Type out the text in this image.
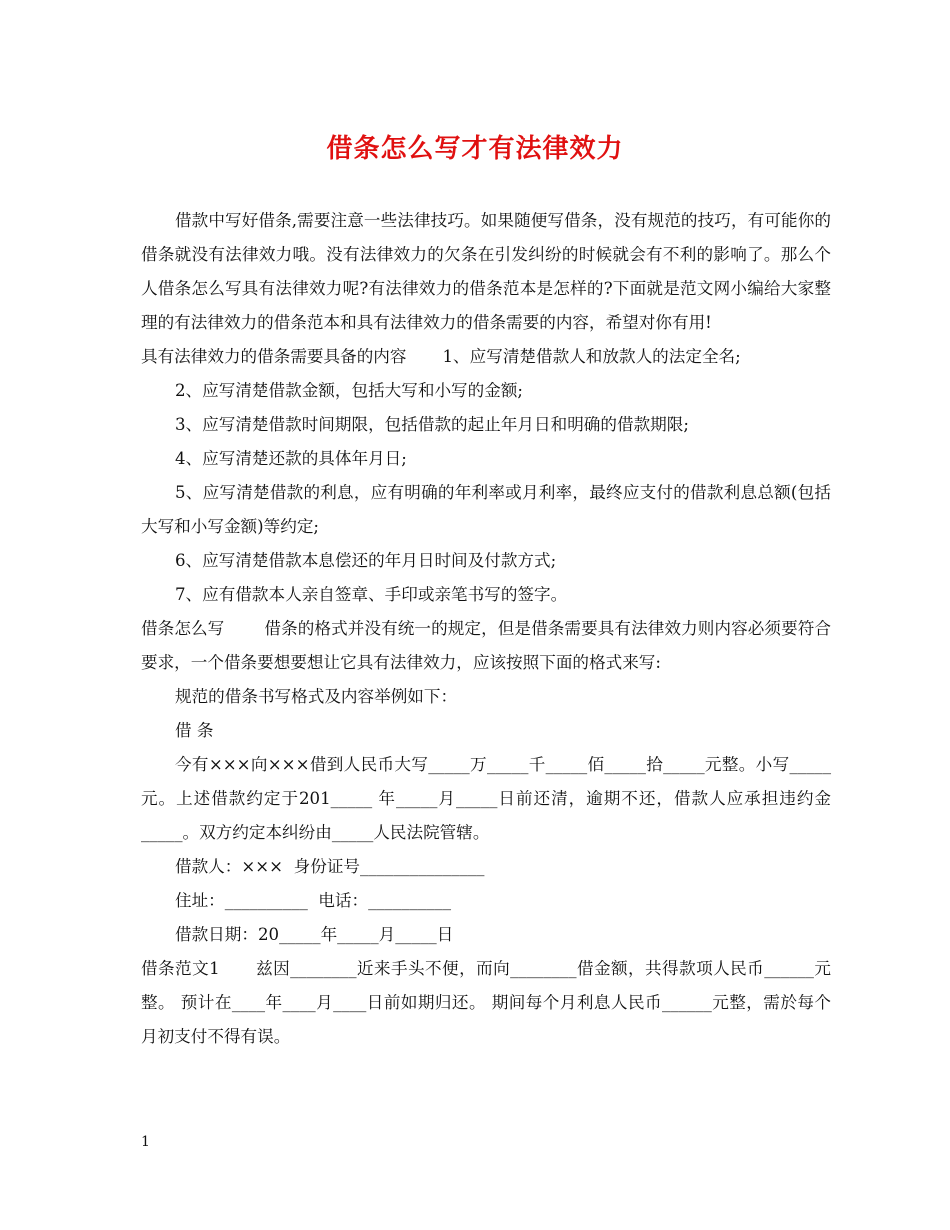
借条怎么写才有法律效力

借款中写好借条,需要注意一些法律技巧。如果随便写借条，没有规范的技巧，有可能你的借条就没有法律效力哦。没有法律效力的欠条在引发纠纷的时候就会有不利的影响了。那么个人借条怎么写具有法律效力呢?有法律效力的借条范本是怎样的?下面就是范文网小编给大家整理的有法律效力的借条范本和具有法律效力的借条需要的内容，希望对你有用!

具有法律效力的借条需要具备的内容 1、应写清楚借款人和放款人的法定全名;

2、应写清楚借款金额，包括大写和小写的金额;

3、应写清楚借款时间期限，包括借款的起止年月日和明确的借款期限;

4、应写清楚还款的具体年月日;

5、应写清楚借款的利息，应有明确的年利率或月利率，最终应支付的借款利息总额(包括大写和小写金额)等约定;

6、应写清楚借款本息偿还的年月日时间及付款方式;

7、应有借款本人亲自签章、手印或亲笔书写的签字。

借条怎么写 借条的格式并没有统一的规定，但是借条需要具有法律效力则内容必须要符合要求，一个借条要想要想让它具有法律效力，应该按照下面的格式来写:

规范的借条书写格式及内容举例如下：

借 条

今有×××向×××借到人民币大写_____万_____千_____佰_____拾_____元整。小写_____元。上述借款约定于201_____ 年_____月_____日前还清，逾期不还，借款人应承担违约金_____。双方约定本纠纷由_____人民法院管辖。

借款人：×××  身份证号_______________

住址：__________  电话：__________

借款日期：20_____年_____月_____日

借条范文1 兹因________近来手头不便，而向________借金额，共得款项人民币______元整。 预计在____年____月____日前如期归还。 期间每个月利息人民币______元整，需於每个月初支付不得有误。

1
